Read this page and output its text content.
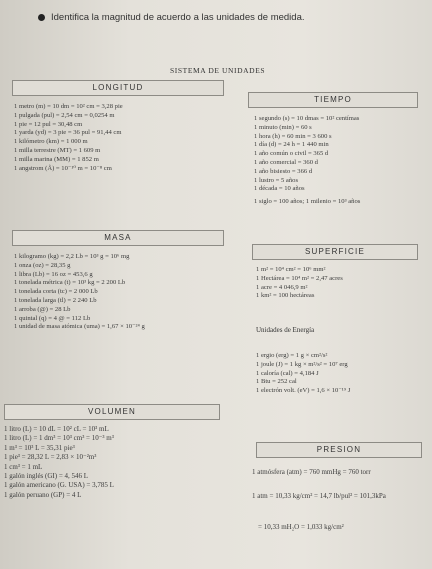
Identifica la magnitud de acuerdo a las unidades de medida.
SISTEMA DE UNIDADES
LONGITUD
1 metro (m) = 10 dm = 10² cm = 3,28 pie
1 pulgada (pul) = 2,54 cm = 0,0254 m
1 pie = 12 pul = 30,48 cm
1 yarda (yd) = 3 pie = 36 pul = 91,44 cm
1 kilómetro (km) = 1 000 m
1 milla terrestre (MT) = 1 609 m
1 milla marina (MM) = 1 852 m
1 angstrom (Å) = 10⁻¹⁰ m = 10⁻⁸ cm
TIEMPO
1 segundo (s) = 10 dmas = 10² centímas
1 minuto (min) = 60 s
1 hora (h) = 60 min = 3 600 s
1 día (d) = 24 h = 1 440 min
1 año común o civil = 365 d
1 año comercial = 360 d
1 año bisiesto = 366 d
1 lustro = 5 años
1 década = 10 años
1 siglo = 100 años; 1 milenio = 10³ años
MASA
1 kilogramo (kg) = 2,2 Lb = 10³ g = 10⁶ mg
1 onza (oz) = 28,35 g
1 libra (Lb) = 16 oz = 453,6 g
1 tonelada métrica (t) = 10³ kg = 2 200 Lb
1 tonelada corta (tc) = 2 000 Lb
1 tonelada larga (tl) = 2 240 Lb
1 arroba (@) = 28 Lb
1 quintal (q) = 4 @ = 112 Lb
1 unidad de masa atómica (uma) = 1,67 × 10⁻²⁴ g
SUPERFICIE
1 m² = 10⁴ cm² = 10⁶ mm²
1 Hectárea = 10⁴ m² = 2,47 acres
1 acre = 4 046,9 m²
1 km² = 100 hectáreas
Unidades de Energía
1 ergio (erg) = 1 g × cm²/s²
1 joule (J) = 1 kg × m²/s² = 10⁷ erg
1 caloría (cal) = 4,184 J
1 Btu = 252 cal
1 electrón volt. (eV) = 1,6 × 10⁻¹⁹ J
VOLUMEN
1 litro (L) = 10 dL = 10² cL = 10³ mL
1 litro (L) = 1 dm³ = 10³ cm³ = 10⁻³ m³
1 m³ = 10³ L = 35,31 pie³
1 pie³ = 28,32 L = 2,83 × 10⁻²m³
1 cm³ = 1 mL
1 galón inglés (GI) = 4, 546 L
1 galón americano (G. USA) = 3,785 L
1 galón peruano (GP) = 4 L
PRESION
1 atmósfera (atm) = 760 mmHg = 760 torr
1 atm = 10,33 kg/cm² = 14,7 lb/pul² = 101,3kPa
= 10,33 mH₂O = 1,033 kg/cm²
